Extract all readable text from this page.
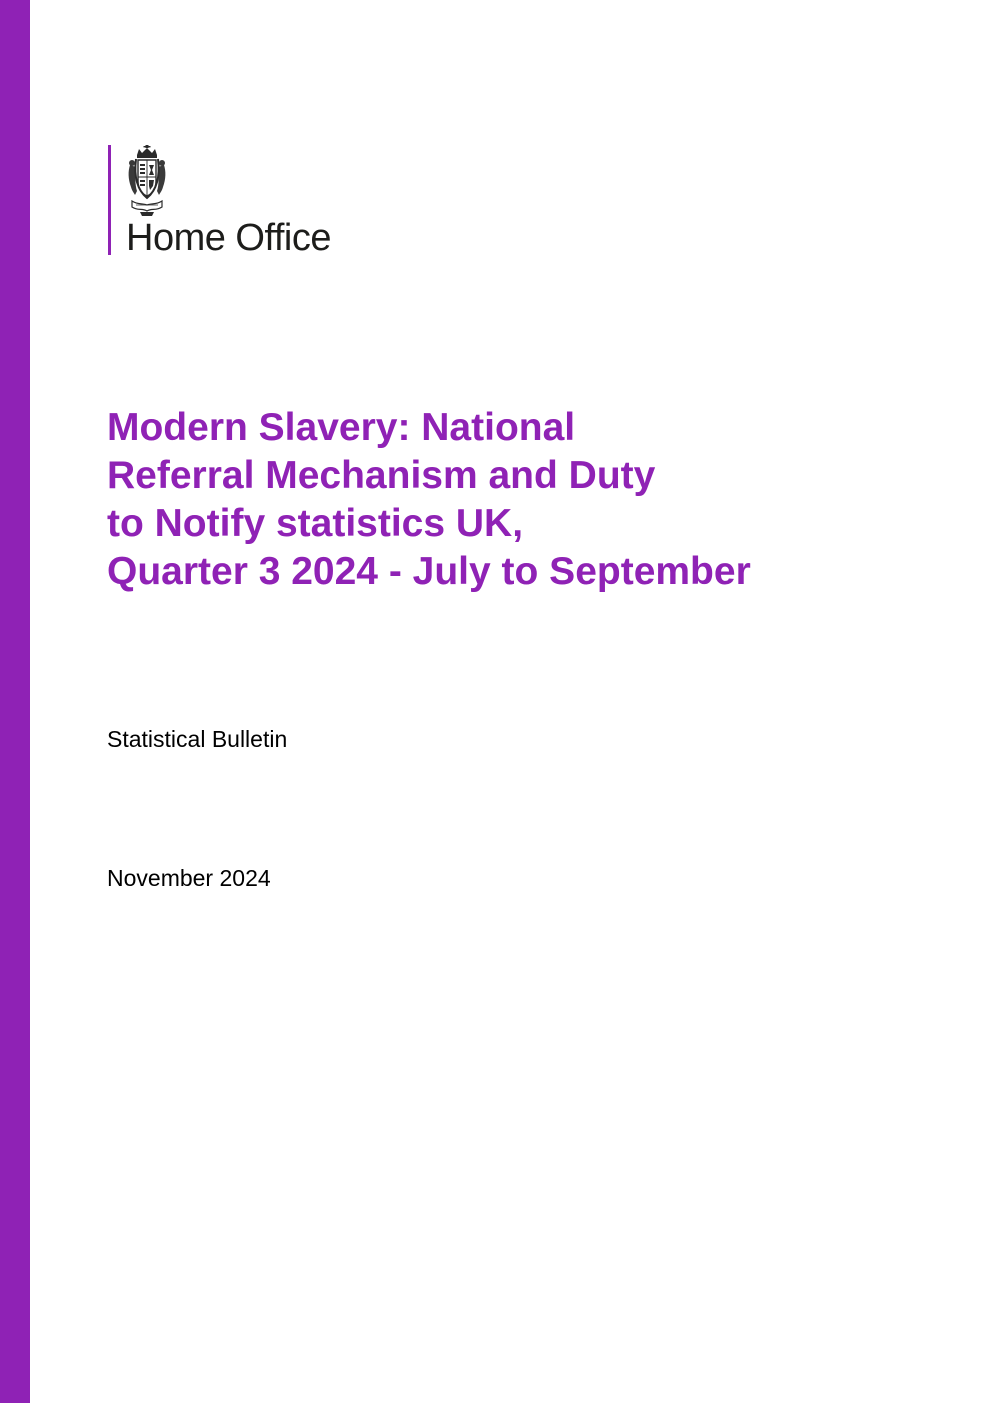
Home Office
Modern Slavery: National
Referral Mechanism and Duty
to Notify statistics UK,
Quarter 3 2024 - July to September
Statistical Bulletin
November 2024
